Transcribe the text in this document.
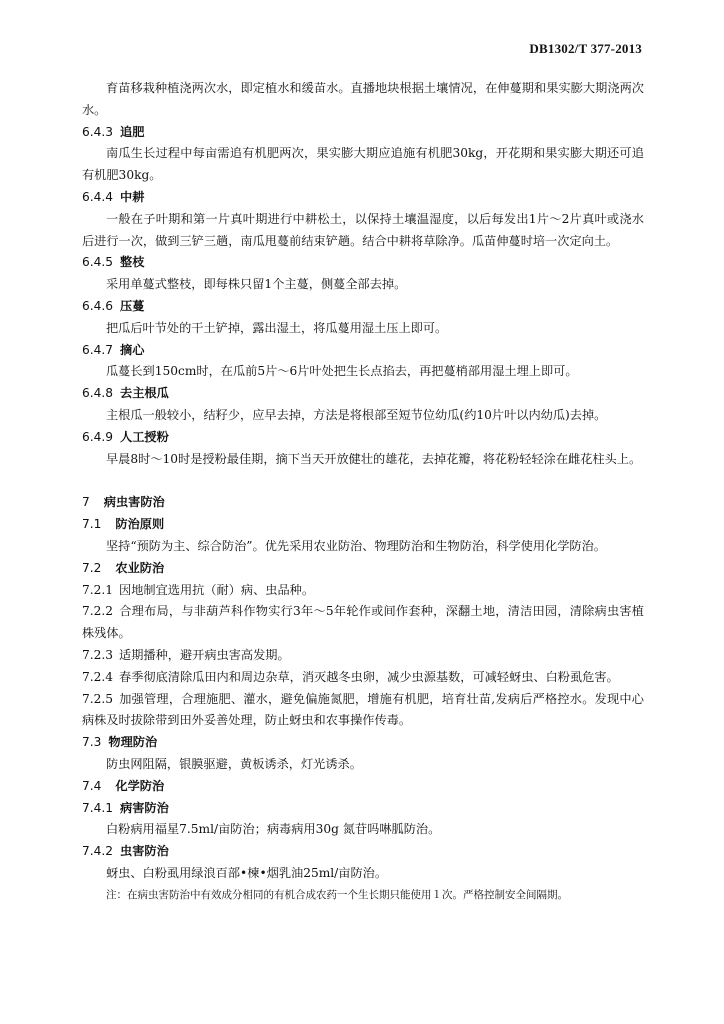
DB1302/T 377-2013

育苗移栽种植浇两次水，即定植水和缓苗水。直播地块根据土壤情况，在伸蔓期和果实膨大期浇两次水。

6.4.3 追肥

南瓜生长过程中每亩需追有机肥两次，果实膨大期应追施有机肥30kg，开花期和果实膨大期还可追有机肥30kg。

6.4.4 中耕

一般在子叶期和第一片真叶期进行中耕松土，以保持土壤温湿度，以后每发出1片～2片真叶或浇水后进行一次，做到三铲三趟，南瓜甩蔓前结束铲趟。结合中耕将草除净。瓜苗伸蔓时培一次定向土。

6.4.5 整枝

采用单蔓式整枝，即每株只留1个主蔓，侧蔓全部去掉。

6.4.6 压蔓

把瓜后叶节处的干土铲掉，露出湿土，将瓜蔓用湿土压上即可。

6.4.7 摘心

瓜蔓长到150cm时，在瓜前5片～6片叶处把生长点掐去，再把蔓梢部用湿土埋上即可。

6.4.8 去主根瓜

主根瓜一般较小，结籽少，应早去掉，方法是将根部至短节位幼瓜(约10片叶以内幼瓜)去掉。

6.4.9 人工授粉

早晨8时～10时是授粉最佳期，摘下当天开放健壮的雄花，去掉花瓣，将花粉轻轻涂在雌花柱头上。

7 病虫害防治

7.1 防治原则

坚持“预防为主、综合防治”。优先采用农业防治、物理防治和生物防治，科学使用化学防治。

7.2 农业防治

7.2.1 因地制宜选用抗（耐）病、虫品种。

7.2.2 合理布局，与非葫芦科作物实行3年～5年轮作或间作套种，深翻土地，清洁田园，清除病虫害植株残体。

7.2.3 适期播种，避开病虫害高发期。

7.2.4 春季彻底清除瓜田内和周边杂草，消灭越冬虫卵，减少虫源基数，可减轻蚜虫、白粉虱危害。

7.2.5 加强管理，合理施肥、灌水，避免偏施氮肥，增施有机肥，培育壮苗,发病后严格控水。发现中心病株及时拔除带到田外妥善处理，防止蚜虫和农事操作传毒。

7.3 物理防治

防虫网阻隔，银膜驱避，黄板诱杀，灯光诱杀。

7.4 化学防治

7.4.1 病害防治

白粉病用福星7.5ml/亩防治；病毒病用30g 氮苷吗啉胍防治。

7.4.2 虫害防治

蚜虫、白粉虱用绿浪百部•楝•烟乳油25ml/亩防治。

注：在病虫害防治中有效成分相同的有机合成农药一个生长期只能使用１次。严格控制安全间隔期。
